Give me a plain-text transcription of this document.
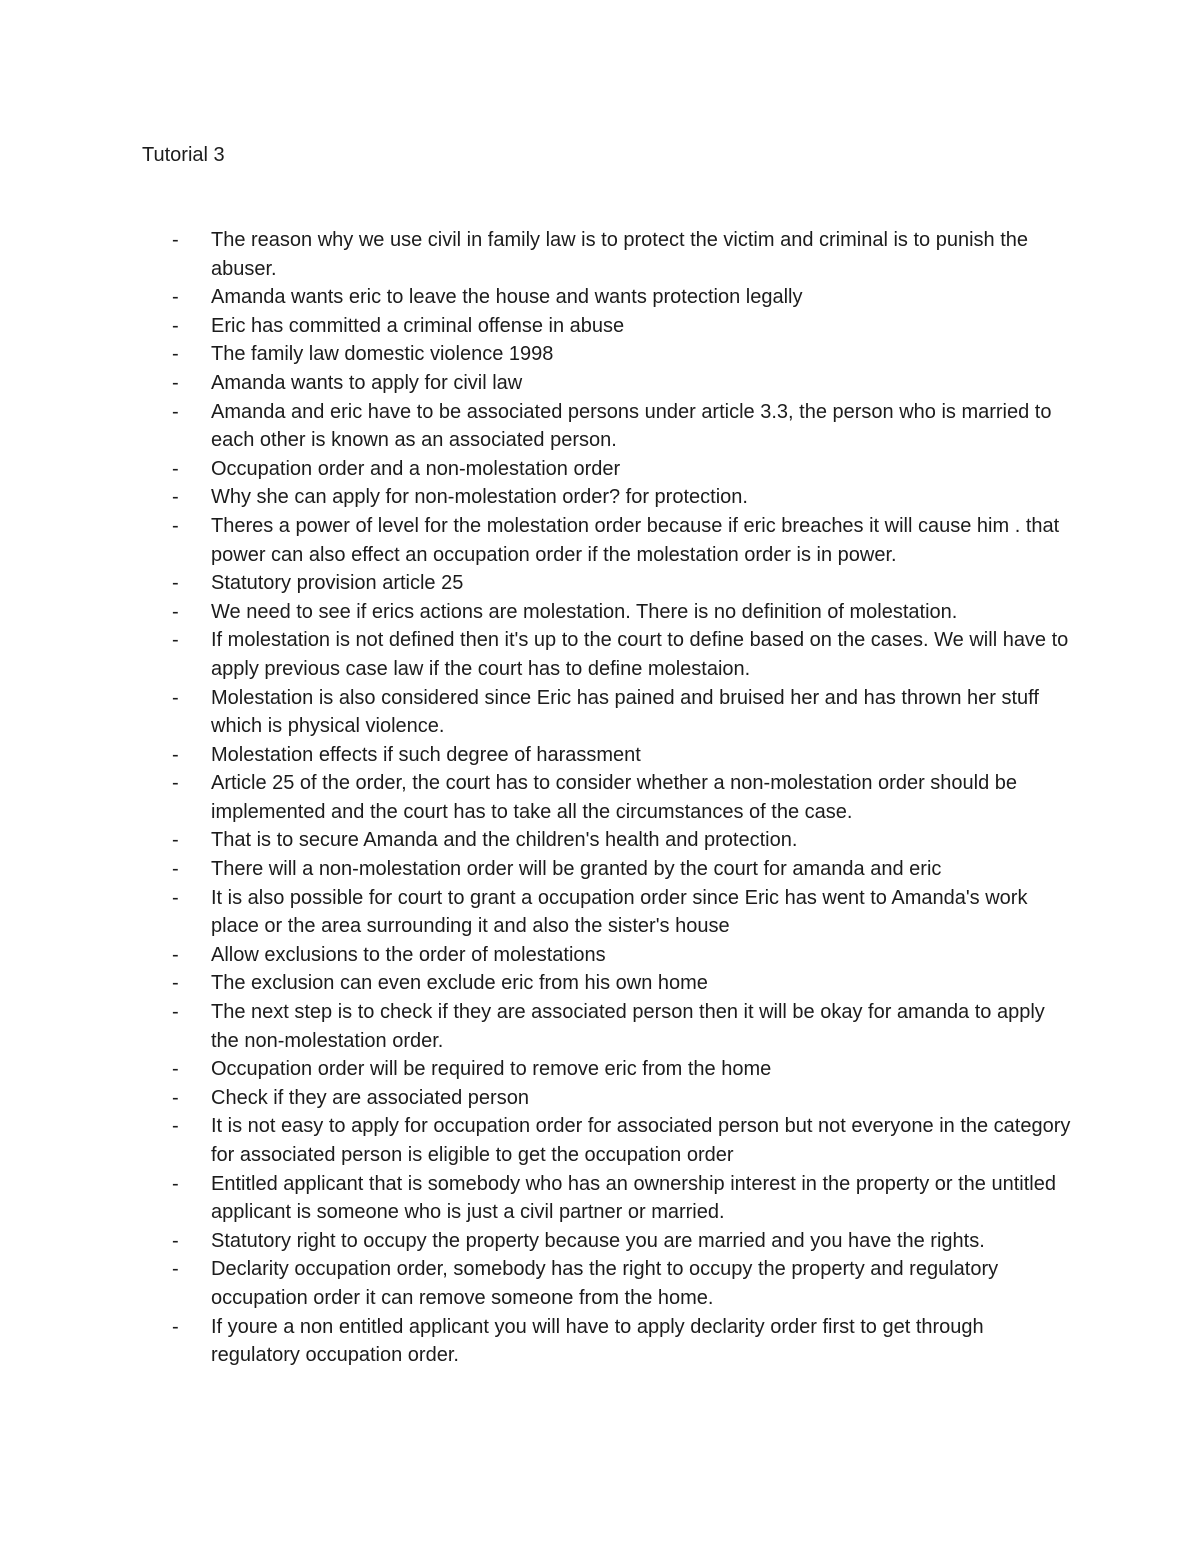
Tutorial 3
- The reason why we use civil in family law is to protect the victim and criminal is to punish the abuser.
- Amanda wants eric to leave the house and wants protection legally
- Eric has committed a criminal offense in abuse
- The family law domestic violence 1998
- Amanda wants to apply for civil law
- Amanda and eric have to be associated persons under article 3.3, the person who is married to each other is known as an associated person.
- Occupation order and a non-molestation order
- Why she can apply for non-molestation order? for protection.
- Theres a power of level for the molestation order because if eric breaches it will cause him . that power can also effect an occupation order if the molestation order is in power.
- Statutory provision article 25
- We need to see if erics actions are molestation. There is no definition of molestation.
- If molestation is not defined then it's up to the court to define based on the cases. We will have to apply previous case law if the court has to define molestaion.
- Molestation is also considered since Eric has pained and bruised her and has thrown her stuff which is physical violence.
- Molestation effects if such degree of harassment
- Article 25 of the order, the court has to consider whether a non-molestation order should be implemented and the court has to take all the circumstances of the case.
- That is to secure Amanda and the children's health and protection.
- There will a non-molestation order will be granted by the court for amanda and eric
- It is also possible for court to grant a occupation order since Eric has went to Amanda's work place or the area surrounding it and also the sister's house
- Allow exclusions to the order of molestations
- The exclusion can even exclude eric from his own home
- The next step is to check if they are associated person then it will be okay for amanda to apply the non-molestation order.
- Occupation order will be required to remove eric from the home
- Check if they are associated person
- It is not easy to apply for occupation order for associated person but not everyone in the category for associated person is eligible to get the occupation order
- Entitled applicant that is somebody who has an ownership interest in the property or the untitled applicant is someone who is just a civil partner or married.
- Statutory right to occupy the property because you are married and you have the rights.
- Declarity occupation order, somebody has the right to occupy the property and regulatory occupation order it can remove someone from the home.
- If youre a non entitled applicant you will have to apply declarity order first to get through regulatory occupation order.
